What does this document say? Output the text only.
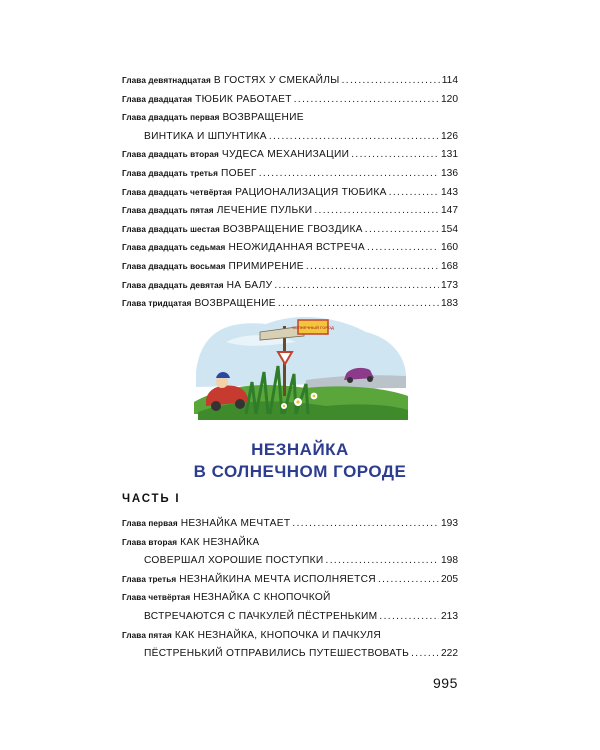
Глава девятнадцатая В ГОСТЯХ У СМЕКАЙЛЫ .....	114
Глава двадцатая ТЮБИК РАБОТАЕТ .....	120
Глава двадцать первая ВОЗВРАЩЕНИЕ
ВИНТИКА И ШПУНТИКА .....	126
Глава двадцать вторая ЧУДЕСА МЕХАНИЗАЦИИ .....	131
Глава двадцать третья ПОБЕГ .....	136
Глава двадцать четвёртая РАЦИОНАЛИЗАЦИЯ ТЮБИКА .....	143
Глава двадцать пятая ЛЕЧЕНИЕ ПУЛЬКИ .....	147
Глава двадцать шестая ВОЗВРАЩЕНИЕ ГВОЗДИКА .....	154
Глава двадцать седьмая НЕОЖИДАННАЯ ВСТРЕЧА .....	160
Глава двадцать восьмая ПРИМИРЕНИЕ .....	168
Глава двадцать девятая НА БАЛУ .....	173
Глава тридцатая ВОЗВРАЩЕНИЕ .....	183
СОЛНЕЧНЫЙ ГОРОД
НЕЗНАЙКА
В СОЛНЕЧНОМ ГОРОДЕ
ЧАСТЬ I
Глава первая НЕЗНАЙКА МЕЧТАЕТ .....	193
Глава вторая КАК НЕЗНАЙКА
СОВЕРШАЛ ХОРОШИЕ ПОСТУПКИ .....	198
Глава третья НЕЗНАЙКИНА МЕЧТА ИСПОЛНЯЕТСЯ .....	205
Глава четвёртая НЕЗНАЙКА С КНОПОЧКОЙ
ВСТРЕЧАЮТСЯ С ПАЧКУЛЕЙ ПЁСТРЕНЬКИМ .....	213
Глава пятая КАК НЕЗНАЙКА, КНОПОЧКА И ПАЧКУЛЯ
ПЁСТРЕНЬКИЙ ОТПРАВИЛИСЬ ПУТЕШЕСТВОВАТЬ .....	222
995
